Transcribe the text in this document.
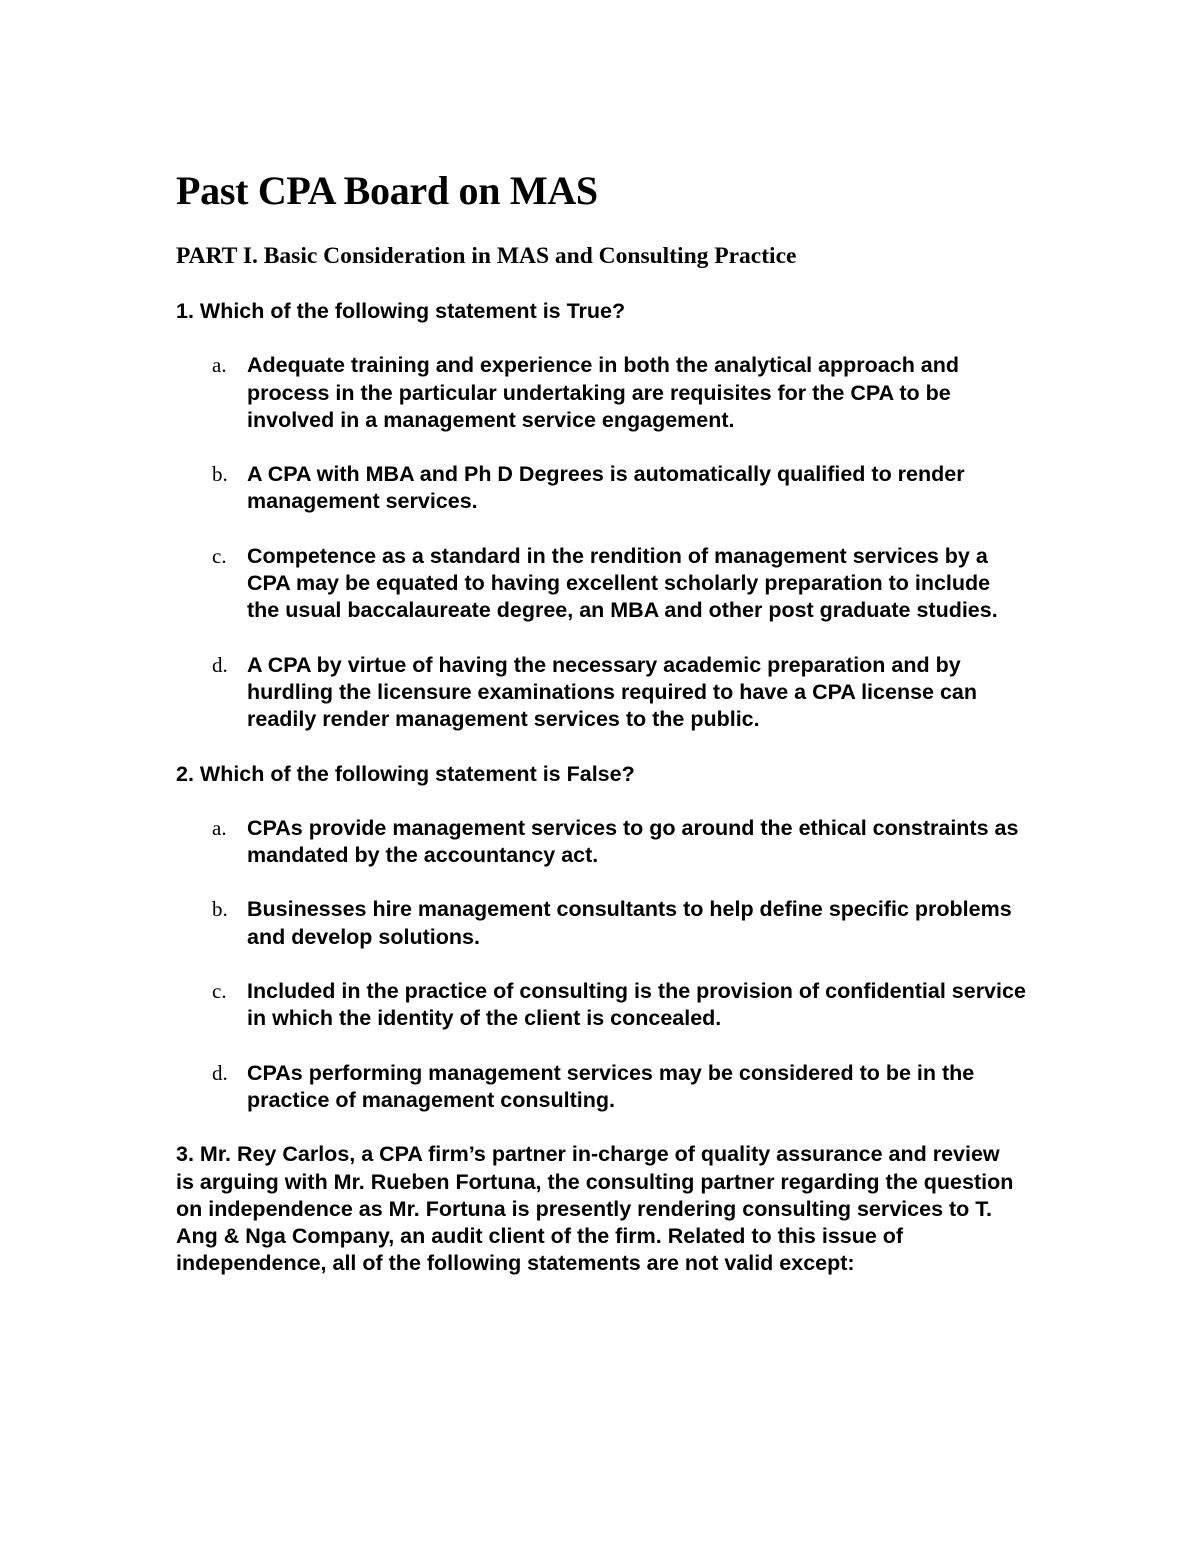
Past CPA Board on MAS
PART I. Basic Consideration in MAS and Consulting Practice

1. Which of the following statement is True?

a. Adequate training and experience in both the analytical approach and process in the particular undertaking are requisites for the CPA to be involved in a management service engagement.
b. A CPA with MBA and Ph D Degrees is automatically qualified to render management services.
c. Competence as a standard in the rendition of management services by a CPA may be equated to having excellent scholarly preparation to include the usual baccalaureate degree, an MBA and other post graduate studies.
d. A CPA by virtue of having the necessary academic preparation and by hurdling the licensure examinations required to have a CPA license can readily render management services to the public.

2. Which of the following statement is False?

a. CPAs provide management services to go around the ethical constraints as mandated by the accountancy act.
b. Businesses hire management consultants to help define specific problems and develop solutions.
c. Included in the practice of consulting is the provision of confidential service in which the identity of the client is concealed.
d. CPAs performing management services may be considered to be in the practice of management consulting.

3. Mr. Rey Carlos, a CPA firm’s partner in-charge of quality assurance and review is arguing with Mr. Rueben Fortuna, the consulting partner regarding the question on independence as Mr. Fortuna is presently rendering consulting services to T. Ang & Nga Company, an audit client of the firm. Related to this issue of independence, all of the following statements are not valid except:
